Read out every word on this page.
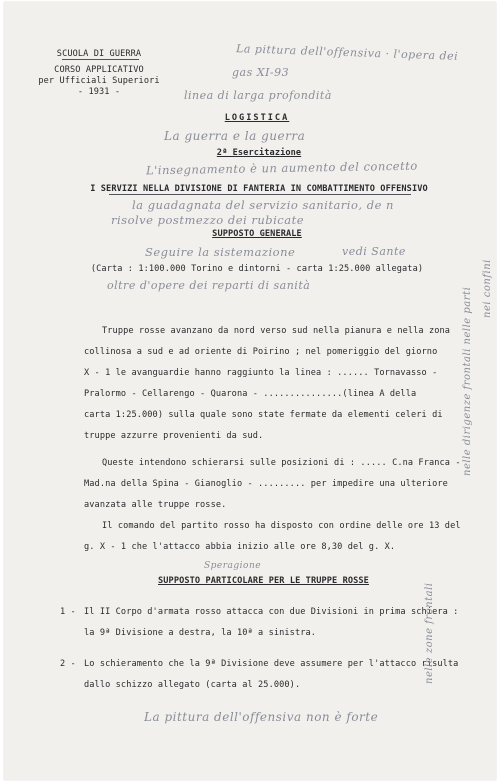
SCUOLA DI GUERRA
CORSO APPLICATIVO
per Ufficiali Superiori
- 1931 -
LOGISTICA
2ª Esercitazione
I SERVIZI NELLA DIVISIONE DI FANTERIA IN COMBATTIMENTO OFFENSIVO
SUPPOSTO GENERALE
(Carta : 1:100.000 Torino e dintorni - carta 1:25.000 allegata)
Truppe rosse avanzano da nord verso sud nella pianura e nella zona
collinosa a sud e ad oriente di Poirino ; nel pomeriggio del giorno
X - 1 le avanguardie hanno raggiunto la linea : ...... Tornavasso -
Pralormo - Cellarengo - Quarona - ...............(linea A della
carta 1:25.000) sulla quale sono state fermate da elementi celeri di
truppe azzurre provenienti da sud.
Queste intendono schierarsi sulle posizioni di : ..... C.na Franca -
Mad.na della Spina - Gianoglio - ......... per impedire una ulteriore
avanzata alle truppe rosse.
Il comando del partito rosso ha disposto con ordine delle ore 13 del
g. X - 1 che l'attacco abbia inizio alle ore 8,30 del g. X.
SUPPOSTO PARTICOLARE PER LE TRUPPE ROSSE
1 - Il II Corpo d'armata rosso attacca con due Divisioni in prima schiera :
la 9ª Divisione a destra, la 10ª a sinistra.
2 - Lo schieramento che la 9ª Divisione deve assumere per l'attacco risulta
dallo schizzo allegato (carta al 25.000).
La pittura dell'offensiva · l'opera dei
gas XI-93
linea di larga profondità
La guerra e la guerra
L'insegnamento è un aumento del concetto
la guadagnata del servizio sanitario, de n
risolve postmezzo dei rubicate
Seguire la sistemazione	vedi Sante
oltre d'opere dei reparti di sanità
Speragione
La pittura dell'offensiva non è forte
nelle dirigenze frontali nelle parti
nelle zone frontali
nei confini
